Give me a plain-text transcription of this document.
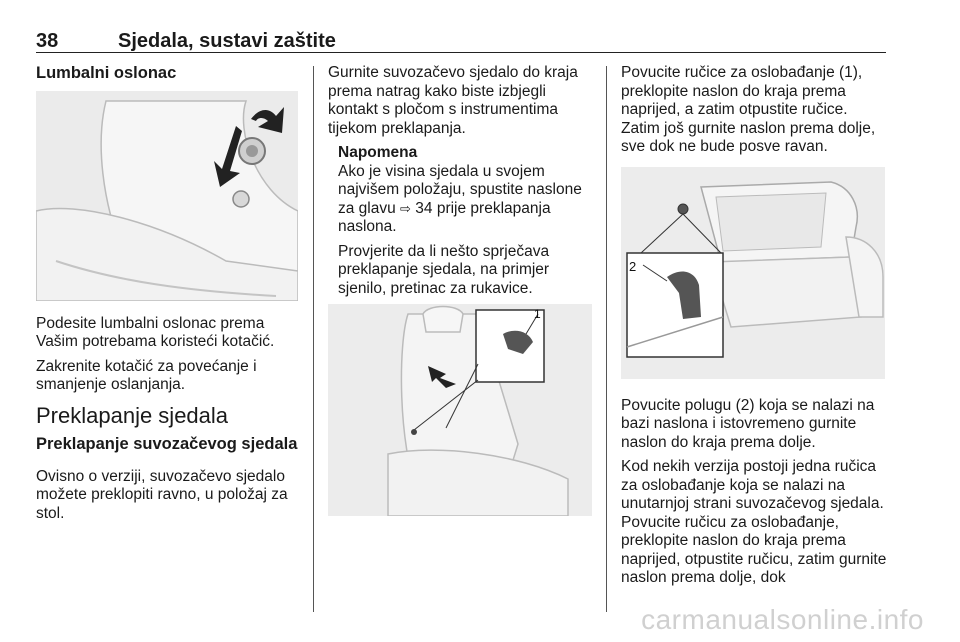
38	Sjedala, sustavi zaštite
Lumbalni oslonac

Podesite lumbalni oslonac prema Vašim potrebama koristeći kotačić.

Zakrenite kotačić za povećanje i smanjenje oslanjanja.

Preklapanje sjedala
Preklapanje suvozačevog sjedala

Ovisno o verziji, suvozačevo sjedalo možete preklopiti ravno, u položaj za stol.

Gurnite suvozačevo sjedalo do kraja prema natrag kako biste izbjegli kontakt s pločom s instrumentima tijekom preklapanja.

Napomena

Ako je visina sjedala u svojem najvišem položaju, spustite naslone za glavu ⇨ 34 prije preklapanja naslona.

Provjerite da li nešto sprječava preklapanje sjedala, na primjer sjenilo, pretinac za rukavice.

1

Povucite ručice za oslobađanje (1), preklopite naslon do kraja prema naprijed, a zatim otpustite ručice. Zatim još gurnite naslon prema dolje, sve dok ne bude posve ravan.

2

Povucite polugu (2) koja se nalazi na bazi naslona i istovremeno gurnite naslon do kraja prema dolje.

Kod nekih verzija postoji jedna ručica za oslobađanje koja se nalazi na unutarnjoj strani suvozačevog sjedala. Povucite ručicu za oslobađanje, preklopite naslon do kraja prema naprijed, otpustite ručicu, zatim gurnite naslon prema dolje, dok

carmanualsonline.info
